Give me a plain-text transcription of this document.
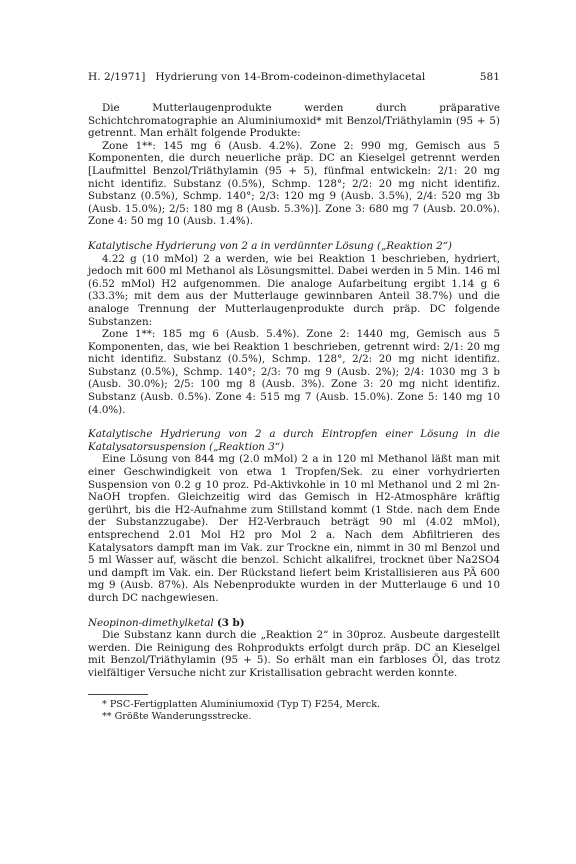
H. 2/1971] Hydrierung von 14-Brom-codeinon-dimethylacetal	581

Die Mutterlaugenprodukte werden durch präparative Schichtchromatographie an Aluminiumoxid* mit Benzol/Triäthylamin (95 + 5) getrennt. Man erhält folgende Produkte:

Zone 1**: 145 mg 6 (Ausb. 4.2%). Zone 2: 990 mg, Gemisch aus 5 Komponenten, die durch neuerliche präp. DC an Kieselgel getrennt werden [Laufmittel Benzol/Triäthylamin (95 + 5), fünfmal entwickeln: 2/1: 20 mg nicht identifiz. Substanz (0.5%), Schmp. 128°; 2/2: 20 mg nicht identifiz. Substanz (0.5%), Schmp. 140°; 2/3: 120 mg 9 (Ausb. 3.5%), 2/4: 520 mg 3b (Ausb. 15.0%); 2/5: 180 mg 8 (Ausb. 5.3%)]. Zone 3: 680 mg 7 (Ausb. 20.0%). Zone 4: 50 mg 10 (Ausb. 1.4%).

Katalytische Hydrierung von 2 a in verdünnter Lösung („Reaktion 2“)

4.22 g (10 mMol) 2 a werden, wie bei Reaktion 1 beschrieben, hydriert, jedoch mit 600 ml Methanol als Lösungsmittel. Dabei werden in 5 Min. 146 ml (6.52 mMol) H2 aufgenommen. Die analoge Aufarbeitung ergibt 1.14 g 6 (33.3%; mit dem aus der Mutterlauge gewinnbaren Anteil 38.7%) und die analoge Trennung der Mutterlaugenprodukte durch präp. DC folgende Substanzen:

Zone 1**: 185 mg 6 (Ausb. 5.4%). Zone 2: 1440 mg, Gemisch aus 5 Komponenten, das, wie bei Reaktion 1 beschrieben, getrennt wird: 2/1: 20 mg nicht identifiz. Substanz (0.5%), Schmp. 128°, 2/2: 20 mg nicht identifiz. Substanz (0.5%), Schmp. 140°; 2/3: 70 mg 9 (Ausb. 2%); 2/4: 1030 mg 3 b (Ausb. 30.0%); 2/5: 100 mg 8 (Ausb. 3%). Zone 3: 20 mg nicht identifiz. Substanz (Ausb. 0.5%). Zone 4: 515 mg 7 (Ausb. 15.0%). Zone 5: 140 mg 10 (4.0%).

Katalytische Hydrierung von 2 a durch Eintropfen einer Lösung in die Katalysatorsuspension („Reaktion 3“)

Eine Lösung von 844 mg (2.0 mMol) 2 a in 120 ml Methanol läßt man mit einer Geschwindigkeit von etwa 1 Tropfen/Sek. zu einer vorhydrierten Suspension von 0.2 g 10 proz. Pd-Aktivkohle in 10 ml Methanol und 2 ml 2n-NaOH tropfen. Gleichzeitig wird das Gemisch in H2-Atmosphäre kräftig gerührt, bis die H2-Aufnahme zum Stillstand kommt (1 Stde. nach dem Ende der Substanzzugabe). Der H2-Verbrauch beträgt 90 ml (4.02 mMol), entsprechend 2.01 Mol H2 pro Mol 2 a. Nach dem Abfiltrieren des Katalysators dampft man im Vak. zur Trockne ein, nimmt in 30 ml Benzol und 5 ml Wasser auf, wäscht die benzol. Schicht alkalifrei, trocknet über Na2SO4 und dampft im Vak. ein. Der Rückstand liefert beim Kristallisieren aus PÄ 600 mg 9 (Ausb. 87%). Als Nebenprodukte wurden in der Mutterlauge 6 und 10 durch DC nachgewiesen.

Neopinon-dimethylketal (3 b)

Die Substanz kann durch die „Reaktion 2“ in 30proz. Ausbeute dargestellt werden. Die Reinigung des Rohprodukts erfolgt durch präp. DC an Kieselgel mit Benzol/Triäthylamin (95 + 5). So erhält man ein farbloses Öl, das trotz vielfältiger Versuche nicht zur Kristallisation gebracht werden konnte.

* PSC-Fertigplatten Aluminiumoxid (Typ T) F254, Merck.
** Größte Wanderungsstrecke.
